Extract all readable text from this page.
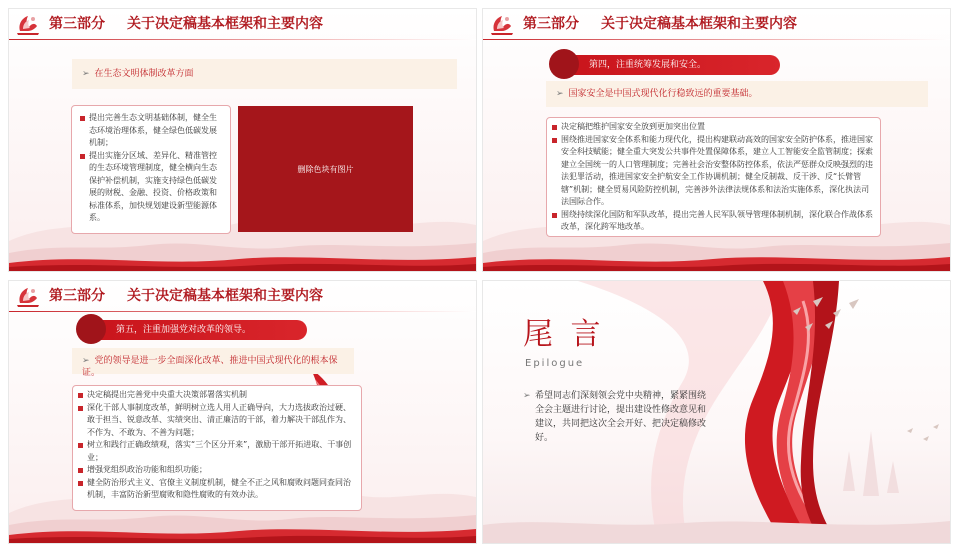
第三部分 关于决定稿基本框架和主要内容
➢ 在生态文明体制改革方面
提出完善生态文明基础体制，健全生态环境治理体系，健全绿色低碳发展机制；
提出实施分区域、差异化、精准管控的生态环境管理制度，健全横向生态保护补偿机制，实施支持绿色低碳发展的财税、金融、投资、价格政策和标准体系，加快规划建设新型能源体系。
删除色块有图片
第三部分 关于决定稿基本框架和主要内容
第四，注重统筹发展和安全。
➢ 国家安全是中国式现代化行稳致远的重要基础。
决定稿把维护国家安全放到更加突出位置
围绕推进国家安全体系和能力现代化，提出构建联动高效的国家安全防护体系，推进国家安全科技赋能；健全重大突发公共事件处置保障体系，建立人工智能安全监管制度；探索建立全国统一的人口管理制度；完善社会治安整体防控体系，依法严惩群众反映强烈的违法犯罪活动，推进国家安全护航安全工作协调机制；健全反制裁、反干涉、反“长臂管辖”机制；健全贸易风险防控机制，完善涉外法律法规体系和法治实施体系，深化执法司法国际合作。
围绕持续深化国防和军队改革，提出完善人民军队领导管理体制机制，深化联合作战体系改革，深化跨军地改革。
第三部分 关于决定稿基本框架和主要内容
第五，注重加强党对改革的领导。
➢ 党的领导是进一步全面深化改革、推进中国式现代化的根本保证。
决定稿提出完善党中央重大决策部署落实机制
深化干部人事制度改革，鲜明树立选人用人正确导向，大力选拔政治过硬、敢于担当、锐意改革、实绩突出、清正廉洁的干部，着力解决干部乱作为、不作为、不敢为、不善为问题；
树立和践行正确政绩观，落实“三个区分开来”，激励干部开拓进取、干事创业；
增强党组织政治功能和组织功能；
健全防治形式主义、官僚主义制度机制，健全不正之风和腐败问题同查同治机制，丰富防治新型腐败和隐性腐败的有效办法。
尾 言
Epilogue
➢ 希望同志们深刻领会党中央精神，紧紧围绕全会主题进行讨论，提出建设性修改意见和建议，共同把这次全会开好、把决定稿修改好。
